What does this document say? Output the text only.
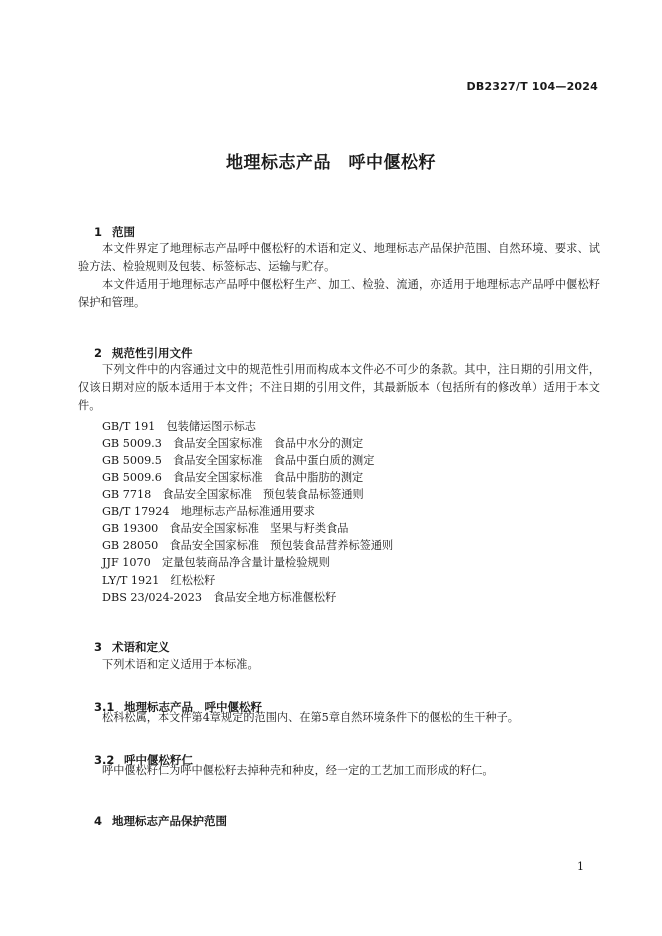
DB2327/T 104—2024
地理标志产品　呼中偃松籽

1 范围

本文件界定了地理标志产品呼中偃松籽的术语和定义、地理标志产品保护范围、自然环境、要求、试验方法、检验规则及包装、标签标志、运输与贮存。
本文件适用于地理标志产品呼中偃松籽生产、加工、检验、流通，亦适用于地理标志产品呼中偃松籽保护和管理。

2 规范性引用文件

下列文件中的内容通过文中的规范性引用而构成本文件必不可少的条款。其中，注日期的引用文件，仅该日期对应的版本适用于本文件；不注日期的引用文件，其最新版本（包括所有的修改单）适用于本文件。
GB/T 191　包装储运图示标志
GB 5009.3　食品安全国家标准　食品中水分的测定
GB 5009.5　食品安全国家标准　食品中蛋白质的测定
GB 5009.6　食品安全国家标准　食品中脂肪的测定
GB 7718　食品安全国家标准　预包装食品标签通则
GB/T 17924　地理标志产品标准通用要求
GB 19300　食品安全国家标准　坚果与籽类食品
GB 28050　食品安全国家标准　预包装食品营养标签通则
JJF 1070　定量包装商品净含量计量检验规则
LY/T 1921　红松松籽
DBS 23/024-2023　食品安全地方标准偃松籽

3 术语和定义

下列术语和定义适用于本标准。

3.1 地理标志产品　呼中偃松籽

松科松属，本文件第4章规定的范围内、在第5章自然环境条件下的偃松的生干种子。

3.2 呼中偃松籽仁

呼中偃松籽仁为呼中偃松籽去掉种壳和种皮，经一定的工艺加工而形成的籽仁。

4 地理标志产品保护范围

1
